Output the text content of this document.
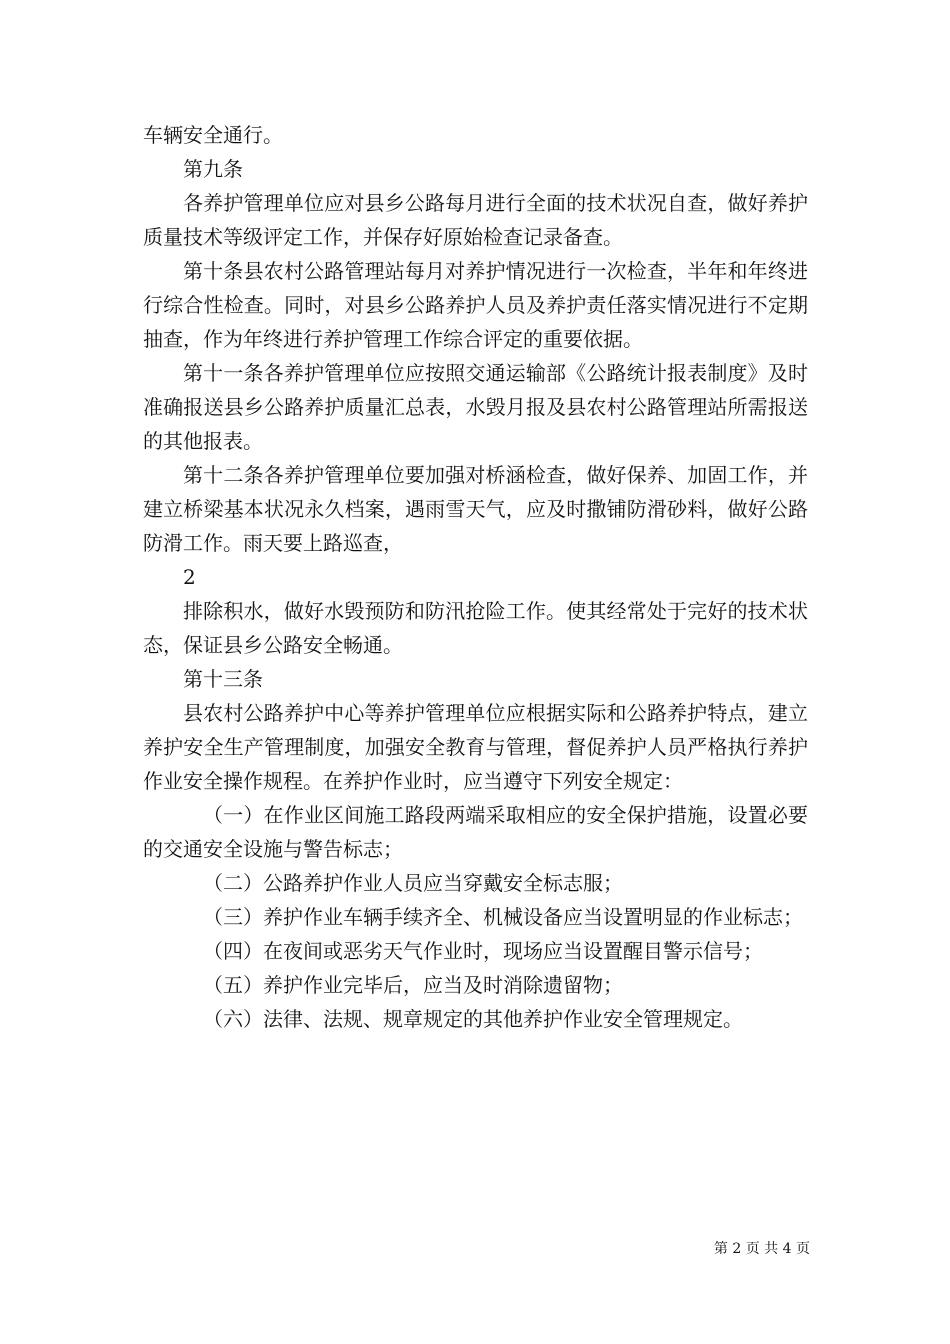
车辆安全通行。

第九条

各养护管理单位应对县乡公路每月进行全面的技术状况自查，做好养护质量技术等级评定工作，并保存好原始检查记录备查。

第十条县农村公路管理站每月对养护情况进行一次检查，半年和年终进行综合性检查。同时，对县乡公路养护人员及养护责任落实情况进行不定期抽查，作为年终进行养护管理工作综合评定的重要依据。

第十一条各养护管理单位应按照交通运输部《公路统计报表制度》及时准确报送县乡公路养护质量汇总表，水毁月报及县农村公路管理站所需报送的其他报表。

第十二条各养护管理单位要加强对桥涵检查，做好保养、加固工作，并建立桥梁基本状况永久档案，遇雨雪天气，应及时撒铺防滑砂料，做好公路防滑工作。雨天要上路巡查，

2

排除积水，做好水毁预防和防汛抢险工作。使其经常处于完好的技术状态，保证县乡公路安全畅通。

第十三条

县农村公路养护中心等养护管理单位应根据实际和公路养护特点，建立养护安全生产管理制度，加强安全教育与管理，督促养护人员严格执行养护作业安全操作规程。在养护作业时，应当遵守下列安全规定：

（一）在作业区间施工路段两端采取相应的安全保护措施，设置必要的交通安全设施与警告标志；

（二）公路养护作业人员应当穿戴安全标志服；

（三）养护作业车辆手续齐全、机械设备应当设置明显的作业标志；

（四）在夜间或恶劣天气作业时，现场应当设置醒目警示信号；

（五）养护作业完毕后，应当及时消除遗留物；

（六）法律、法规、规章规定的其他养护作业安全管理规定。

第 2 页 共 4 页
